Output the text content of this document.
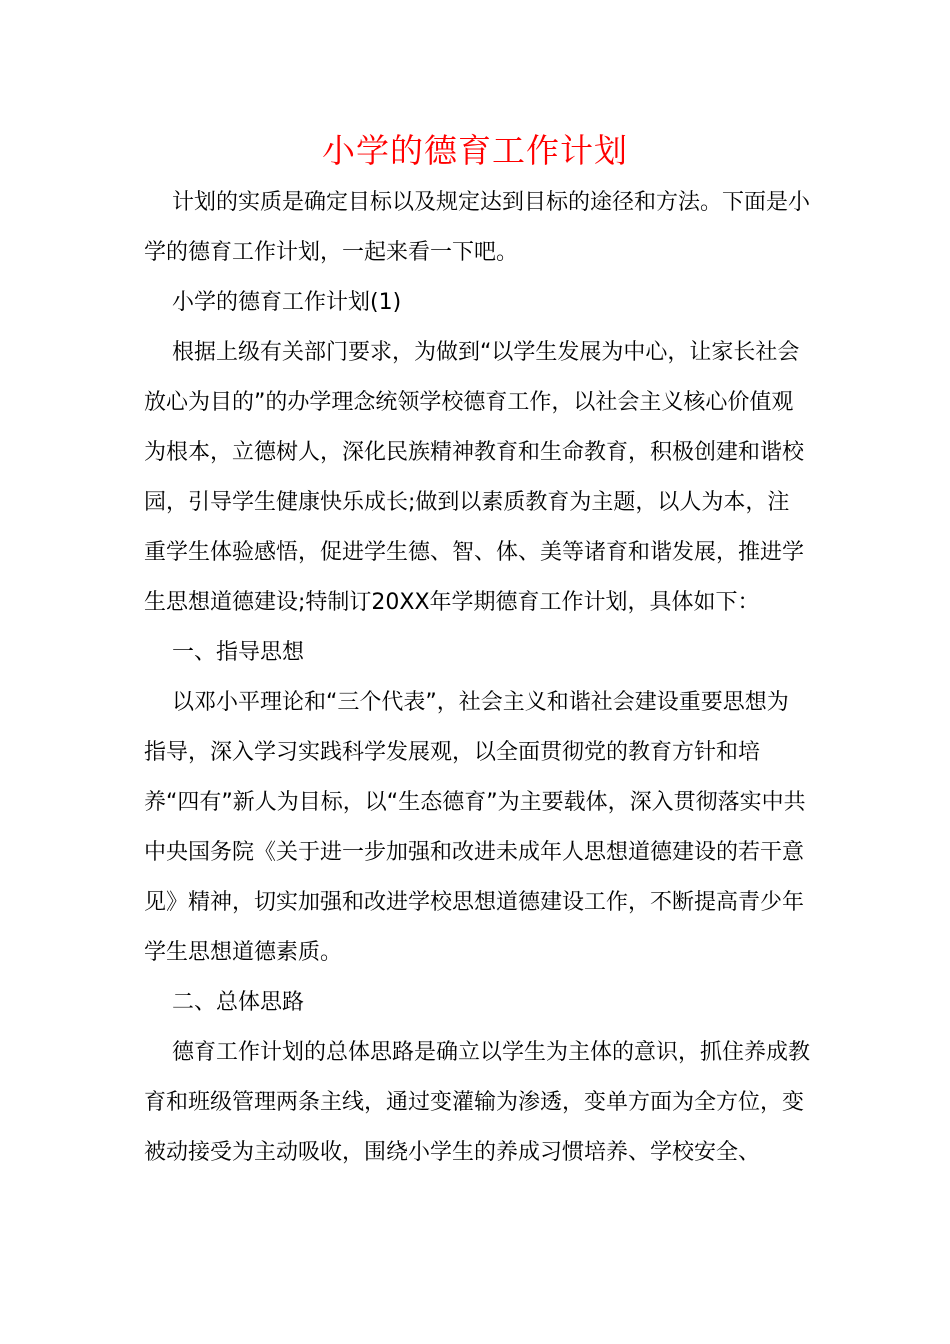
小学的德育工作计划

计划的实质是确定目标以及规定达到目标的途径和方法。下面是小学的德育工作计划，一起来看一下吧。

小学的德育工作计划(1)

根据上级有关部门要求，为做到“以学生发展为中心，让家长社会放心为目的”的办学理念统领学校德育工作，以社会主义核心价值观为根本，立德树人，深化民族精神教育和生命教育，积极创建和谐校园，引导学生健康快乐成长;做到以素质教育为主题，以人为本，注重学生体验感悟，促进学生德、智、体、美等诸育和谐发展，推进学生思想道德建设;特制订20XX年学期德育工作计划，具体如下：

一、指导思想

以邓小平理论和“三个代表”，社会主义和谐社会建设重要思想为指导，深入学习实践科学发展观，以全面贯彻党的教育方针和培养“四有”新人为目标，以“生态德育”为主要载体，深入贯彻落实中共中央国务院《关于进一步加强和改进未成年人思想道德建设的若干意见》精神，切实加强和改进学校思想道德建设工作，不断提高青少年学生思想道德素质。

二、总体思路

德育工作计划的总体思路是确立以学生为主体的意识，抓住养成教育和班级管理两条主线，通过变灌输为渗透，变单方面为全方位，变被动接受为主动吸收，围绕小学生的养成习惯培养、学校安全、
